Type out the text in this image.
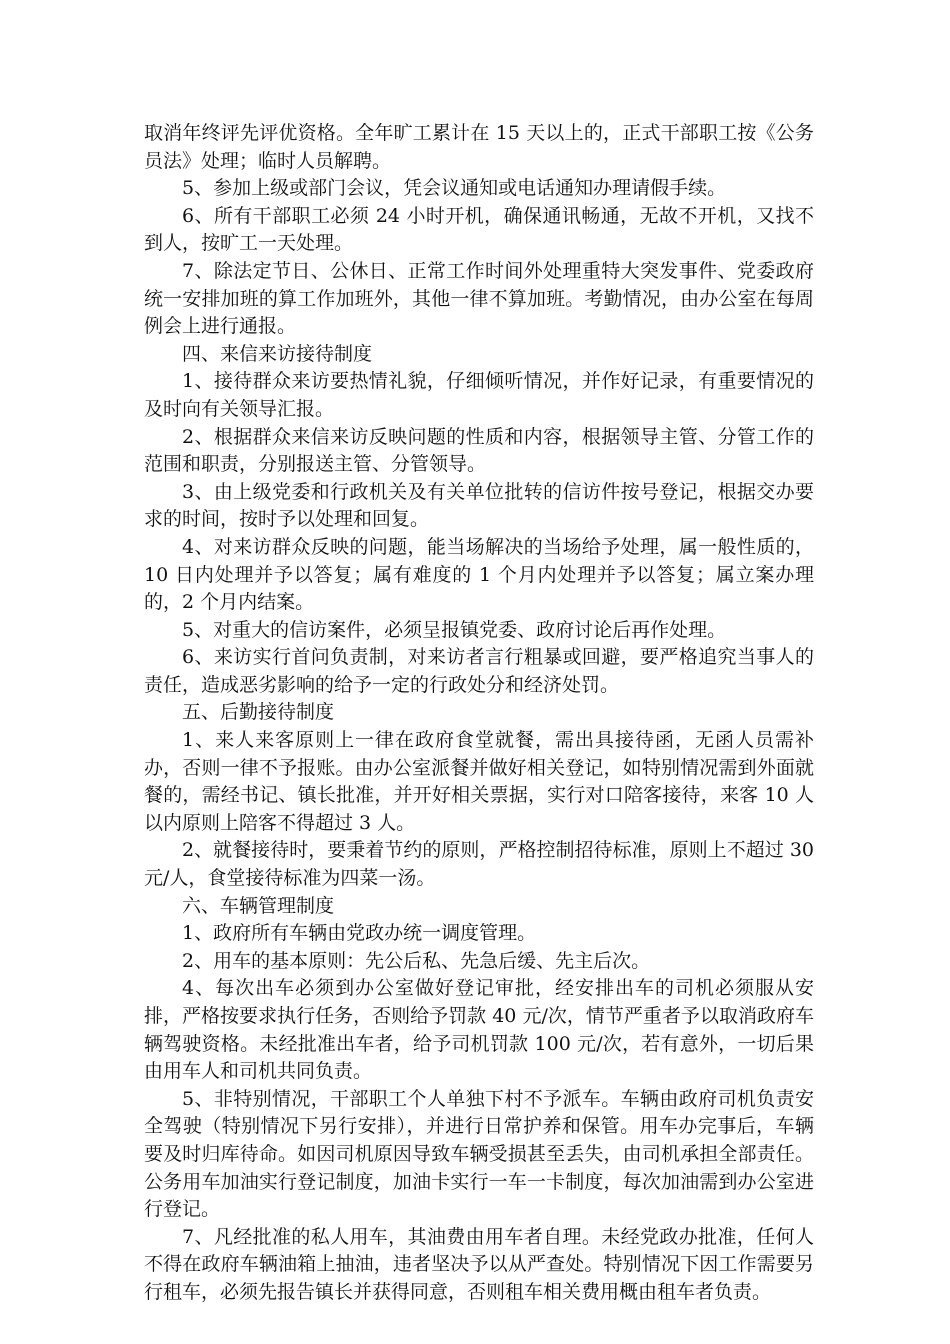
取消年终评先评优资格。全年旷工累计在 15 天以上的，正式干部职工按《公务员法》处理；临时人员解聘。

5、参加上级或部门会议，凭会议通知或电话通知办理请假手续。

6、所有干部职工必须 24 小时开机，确保通讯畅通，无故不开机，又找不到人，按旷工一天处理。

7、除法定节日、公休日、正常工作时间外处理重特大突发事件、党委政府统一安排加班的算工作加班外，其他一律不算加班。考勤情况，由办公室在每周例会上进行通报。

四、来信来访接待制度

1、接待群众来访要热情礼貌，仔细倾听情况，并作好记录，有重要情况的及时向有关领导汇报。

2、根据群众来信来访反映问题的性质和内容，根据领导主管、分管工作的范围和职责，分别报送主管、分管领导。

3、由上级党委和行政机关及有关单位批转的信访件按号登记，根据交办要求的时间，按时予以处理和回复。

4、对来访群众反映的问题，能当场解决的当场给予处理，属一般性质的，10 日内处理并予以答复；属有难度的 1 个月内处理并予以答复；属立案办理的，2 个月内结案。

5、对重大的信访案件，必须呈报镇党委、政府讨论后再作处理。

6、来访实行首问负责制，对来访者言行粗暴或回避，要严格追究当事人的责任，造成恶劣影响的给予一定的行政处分和经济处罚。

五、后勤接待制度

1、来人来客原则上一律在政府食堂就餐，需出具接待函，无函人员需补办，否则一律不予报账。由办公室派餐并做好相关登记，如特别情况需到外面就餐的，需经书记、镇长批准，并开好相关票据，实行对口陪客接待，来客 10 人以内原则上陪客不得超过 3 人。

2、就餐接待时，要秉着节约的原则，严格控制招待标准，原则上不超过 30 元/人，食堂接待标准为四菜一汤。

六、车辆管理制度

1、政府所有车辆由党政办统一调度管理。

2、用车的基本原则：先公后私、先急后缓、先主后次。

4、每次出车必须到办公室做好登记审批，经安排出车的司机必须服从安排，严格按要求执行任务，否则给予罚款 40 元/次，情节严重者予以取消政府车辆驾驶资格。未经批准出车者，给予司机罚款 100 元/次，若有意外，一切后果由用车人和司机共同负责。

5、非特别情况，干部职工个人单独下村不予派车。车辆由政府司机负责安全驾驶（特别情况下另行安排），并进行日常护养和保管。用车办完事后，车辆要及时归库待命。如因司机原因导致车辆受损甚至丢失，由司机承担全部责任。公务用车加油实行登记制度，加油卡实行一车一卡制度，每次加油需到办公室进行登记。

7、凡经批准的私人用车，其油费由用车者自理。未经党政办批准，任何人不得在政府车辆油箱上抽油，违者坚决予以从严查处。特别情况下因工作需要另行租车，必须先报告镇长并获得同意，否则租车相关费用概由租车者负责。
